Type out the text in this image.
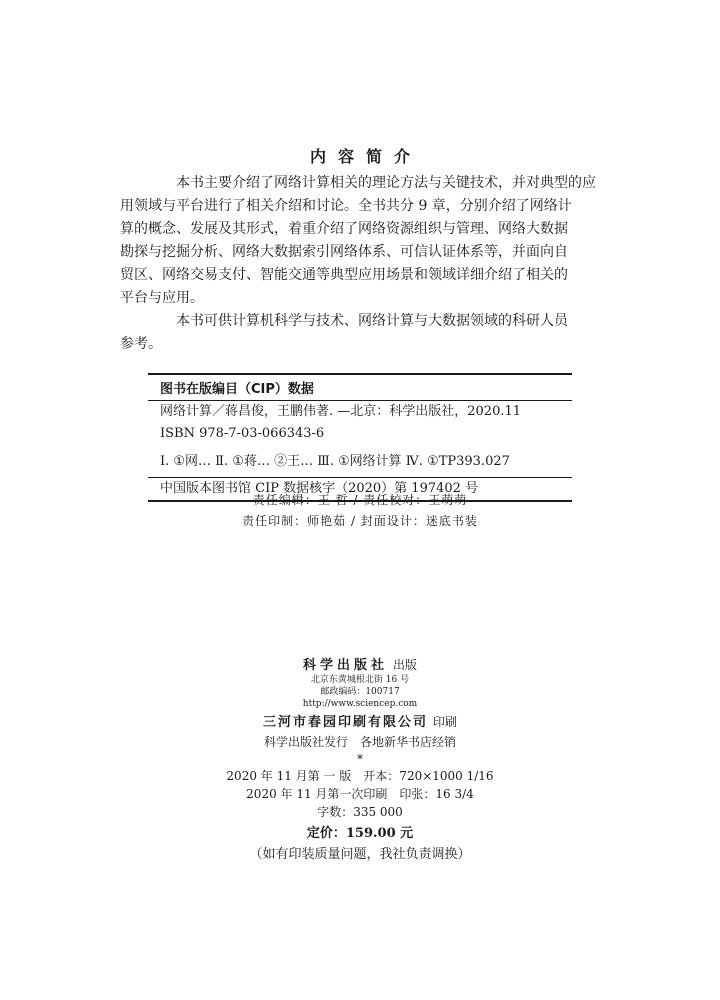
内容简介

本书主要介绍了网络计算相关的理论方法与关键技术，并对典型的应
用领域与平台进行了相关介绍和讨论。全书共分 9 章，分别介绍了网络计
算的概念、发展及其形式，着重介绍了网络资源组织与管理、网络大数据
勘探与挖掘分析、网络大数据索引网络体系、可信认证体系等，并面向自
贸区、网络交易支付、智能交通等典型应用场景和领域详细介绍了相关的
平台与应用。

本书可供计算机科学与技术、网络计算与大数据领域的科研人员
参考。

图书在版编目（CIP）数据
网络计算／蒋昌俊，王鹏伟著. —北京：科学出版社，2020.11
ISBN 978-7-03-066343-6
Ⅰ. ①网… Ⅱ. ①蒋… ②王… Ⅲ. ①网络计算 Ⅳ. ①TP393.027
中国版本图书馆 CIP 数据核字（2020）第 197402 号
责任编辑：王 哲 / 责任校对：王萌萌
责任印制：师艳茹 / 封面设计：迷底书装
科学出版社 出版
北京东黄城根北街 16 号
邮政编码：100717
http://www.sciencep.com
三河市春园印刷有限公司 印刷
科学出版社发行　各地新华书店经销
*
2020 年 11 月第 一 版　开本：720×1000 1/16
2020 年 11 月第一次印刷　印张：16 3/4
字数：335 000
定价：159.00 元
（如有印装质量问题，我社负责调换）
